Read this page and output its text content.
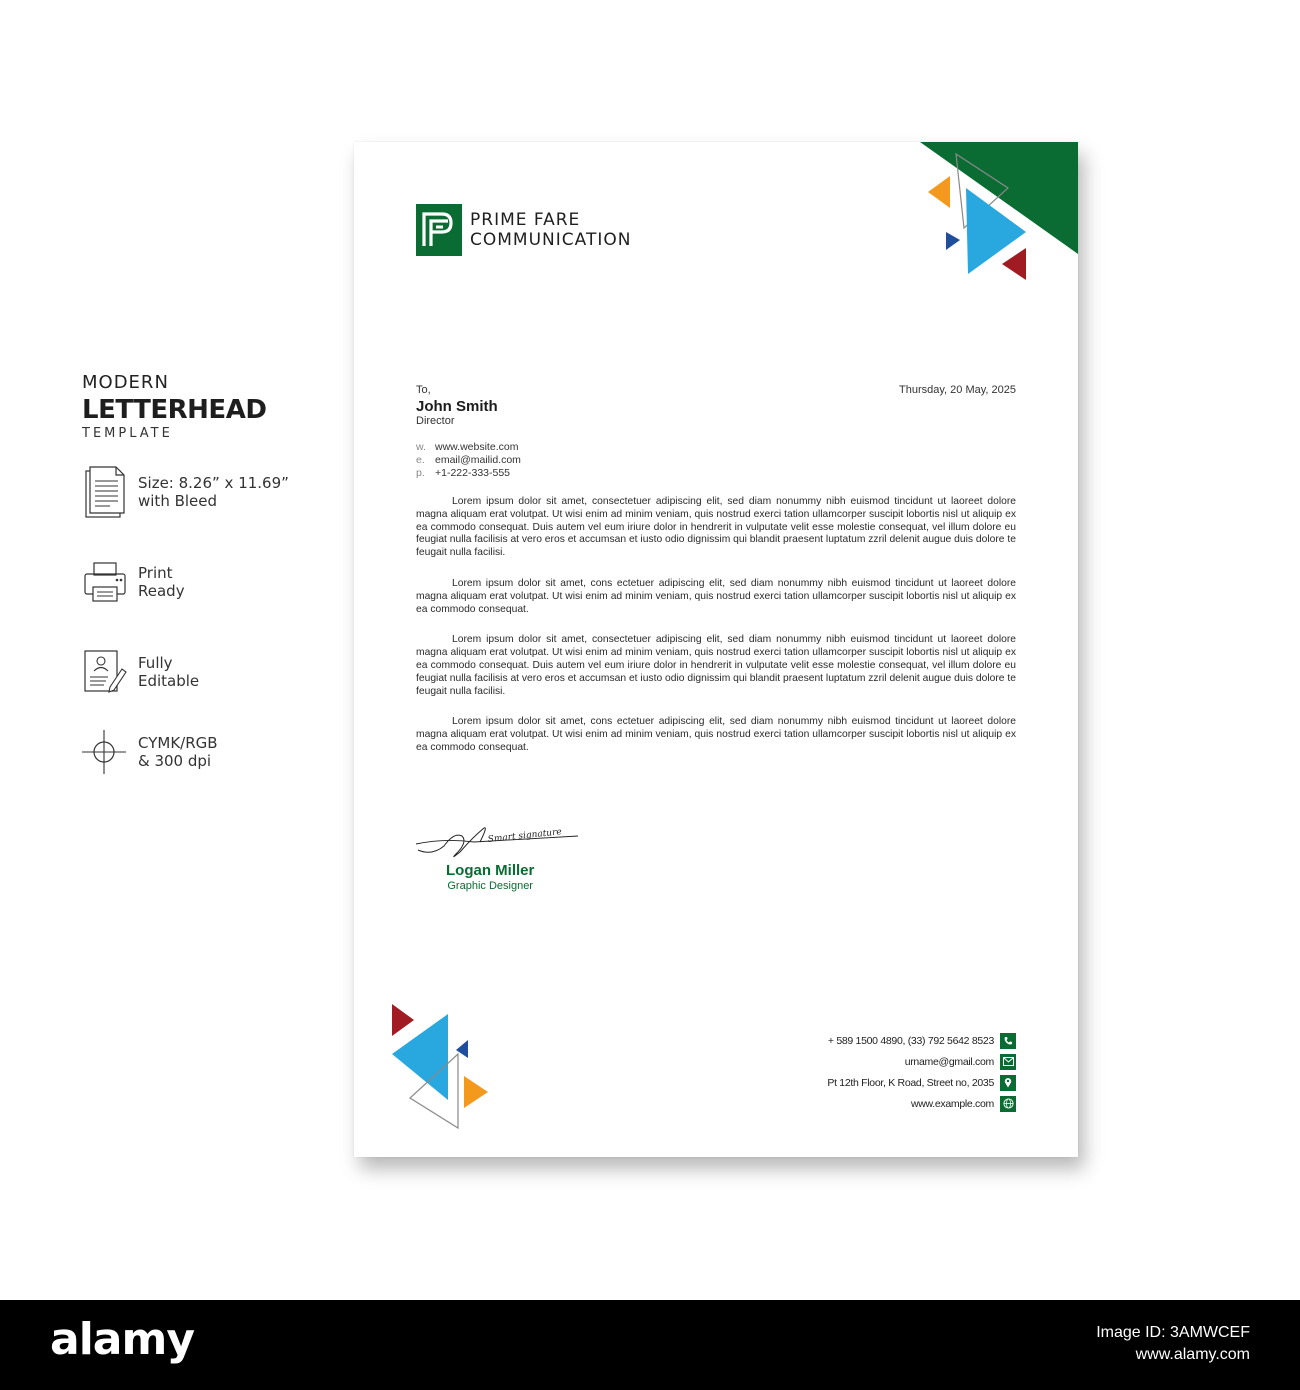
MODERN
LETTERHEAD
TEMPLATE
Size: 8.26” x 11.69”
with Bleed
Print
Ready
Fully
Editable
CYMK/RGB
& 300 dpi
PRIME FARE
COMMUNICATION
To,
John Smith
Director
Thursday, 20 May, 2025
w. www.website.com
e. email@mailid.com
p. +1-222-333-555

Lorem ipsum dolor sit amet, consectetuer adipiscing elit, sed diam nonummy nibh euismod tincidunt ut laoreet dolore magna aliquam erat volutpat. Ut wisi enim ad minim veniam, quis nostrud exerci tation ullamcorper suscipit lobortis nisl ut aliquip ex ea commodo consequat. Duis autem vel eum iriure dolor in hendrerit in vulputate velit esse molestie consequat, vel illum dolore eu feugiat nulla facilisis at vero eros et accumsan et iusto odio dignissim qui blandit praesent luptatum zzril delenit augue duis dolore te feugait nulla facilisi.

Lorem ipsum dolor sit amet, cons ectetuer adipiscing elit, sed diam nonummy nibh euismod tincidunt ut laoreet dolore magna aliquam erat volutpat. Ut wisi enim ad minim veniam, quis nostrud exerci tation ullamcorper suscipit lobortis nisl ut aliquip ex ea commodo consequat.

Lorem ipsum dolor sit amet, consectetuer adipiscing elit, sed diam nonummy nibh euismod tincidunt ut laoreet dolore magna aliquam erat volutpat. Ut wisi enim ad minim veniam, quis nostrud exerci tation ullamcorper suscipit lobortis nisl ut aliquip ex ea commodo consequat. Duis autem vel eum iriure dolor in hendrerit in vulputate velit esse molestie consequat, vel illum dolore eu feugiat nulla facilisis at vero eros et accumsan et iusto odio dignissim qui blandit praesent luptatum zzril delenit augue duis dolore te feugait nulla facilisi.

Lorem ipsum dolor sit amet, cons ectetuer adipiscing elit, sed diam nonummy nibh euismod tincidunt ut laoreet dolore magna aliquam erat volutpat. Ut wisi enim ad minim veniam, quis nostrud exerci tation ullamcorper suscipit lobortis nisl ut aliquip ex ea commodo consequat.

Smart signature
Logan Miller
Graphic Designer
+ 589 1500 4890, (33) 792 5642 8523
urname@gmail.com
Pt 12th Floor, K Road, Street no, 2035
www.example.com
alamy	Image ID: 3AMWCEF
www.alamy.com
